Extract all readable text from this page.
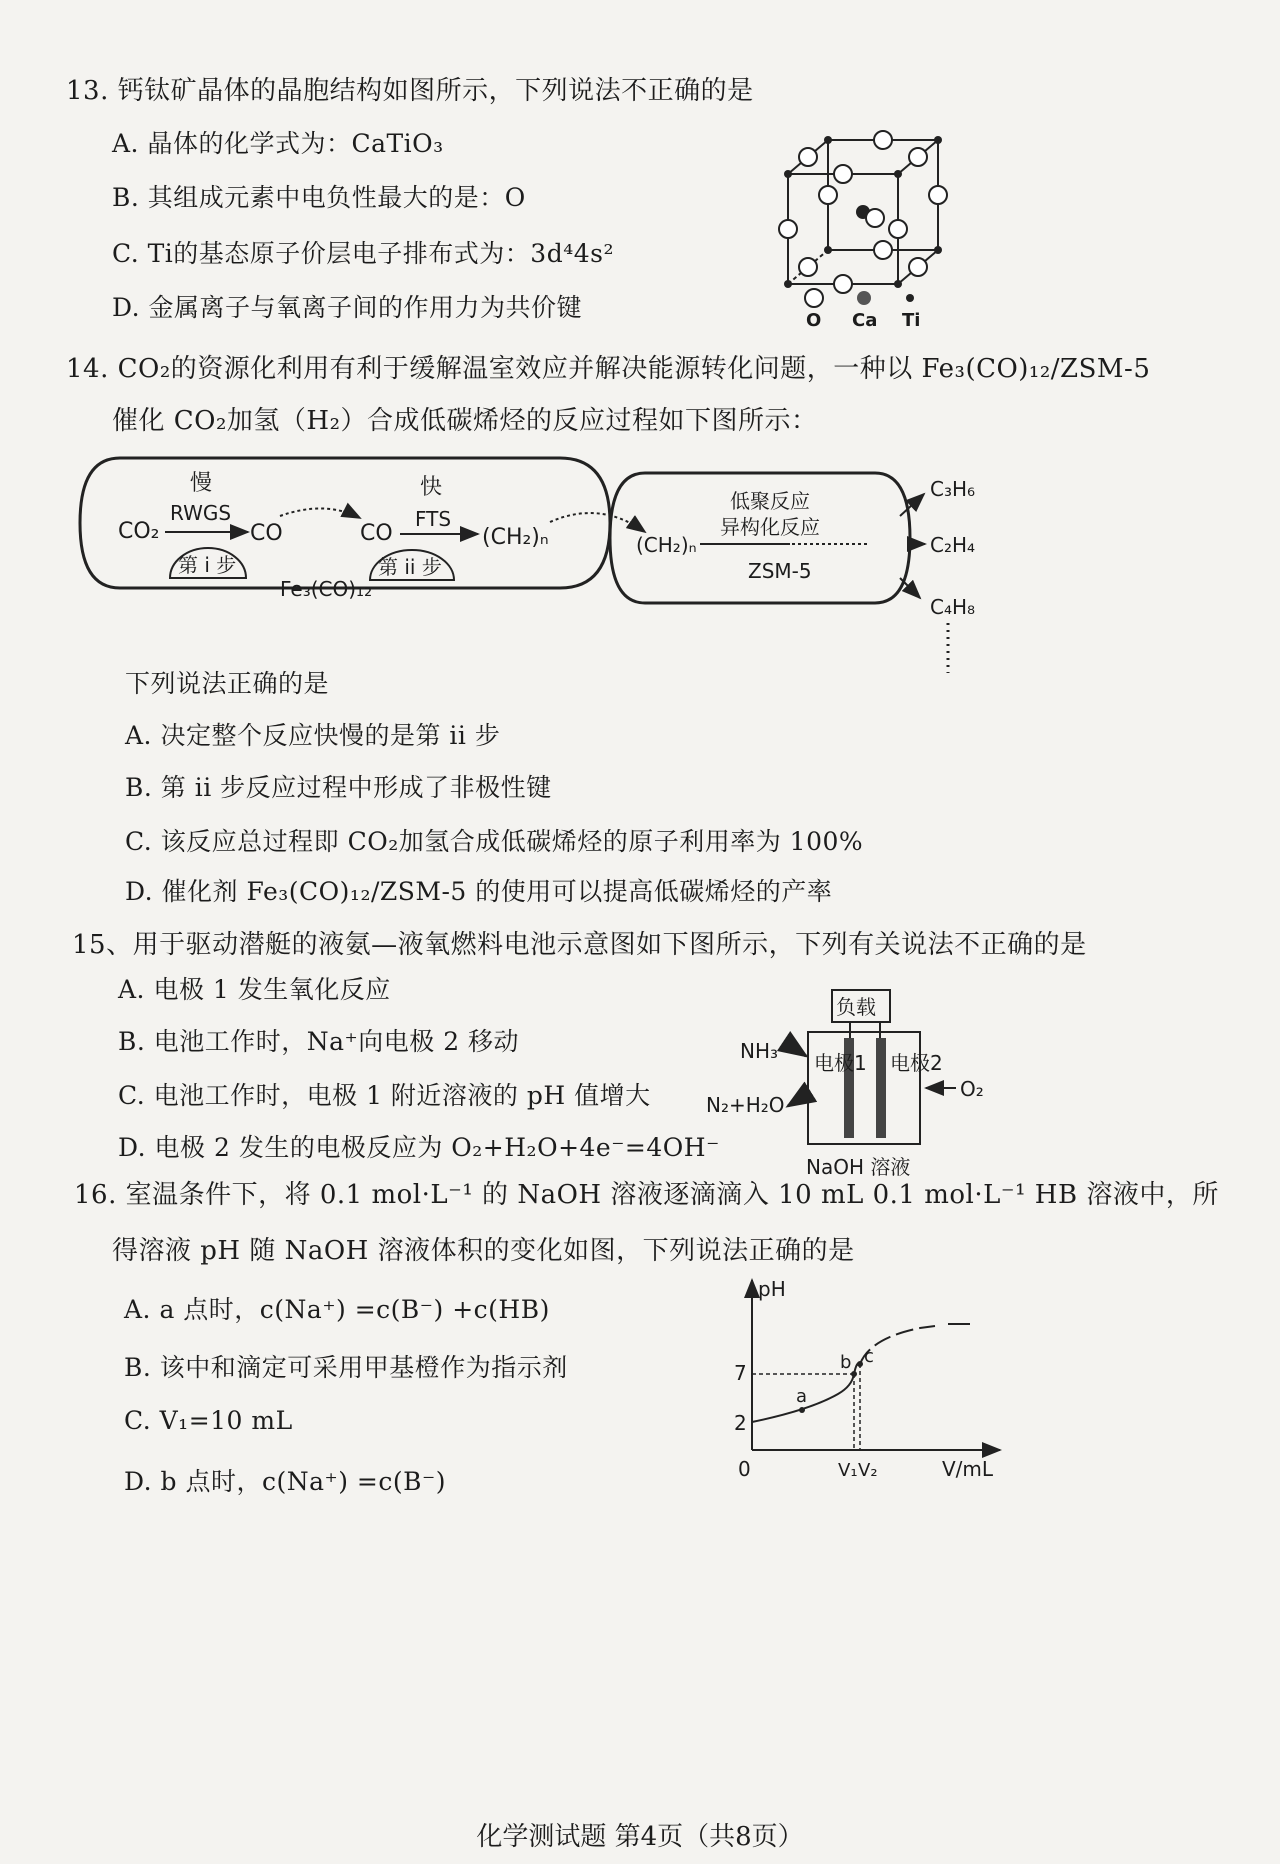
13. 钙钛矿晶体的晶胞结构如图所示，下列说法不正确的是
A. 晶体的化学式为：CaTiO₃
B. 其组成元素中电负性最大的是：O
C. Ti的基态原子价层电子排布式为：3d⁴4s²
D. 金属离子与氧离子间的作用力为共价键	O Ca Ti
14. CO₂的资源化利用有利于缓解温室效应并解决能源转化问题，一种以 Fe₃(CO)₁₂/ZSM-5
催化 CO₂加氢（H₂）合成低碳烯烃的反应过程如下图所示：
慢	快
RWGS	FTS
CO₂	CO	CO	(CH₂)ₙ
第 i 步	第 ii 步
Fe₃(CO)₁₂
(CH₂)ₙ
低聚反应
异构化反应
ZSM-5
C₃H₆
C₂H₄
C₄H₈
下列说法正确的是
A. 决定整个反应快慢的是第 ii 步
B. 第 ii 步反应过程中形成了非极性键
C. 该反应总过程即 CO₂加氢合成低碳烯烃的原子利用率为 100%
D. 催化剂 Fe₃(CO)₁₂/ZSM-5 的使用可以提高低碳烯烃的产率
15、用于驱动潜艇的液氨—液氧燃料电池示意图如下图所示，下列有关说法不正确的是
A. 电极 1 发生氧化反应
B. 电池工作时，Na⁺向电极 2 移动
C. 电池工作时，电极 1 附近溶液的 pH 值增大
D. 电极 2 发生的电极反应为 O₂+H₂O+4e⁻=4OH⁻
负载
电极1 电极2
NH₃
N₂+H₂O
O₂
NaOH 溶液
16. 室温条件下，将 0.1 mol·L⁻¹ 的 NaOH 溶液逐滴滴入 10 mL 0.1 mol·L⁻¹ HB 溶液中，所
得溶液 pH 随 NaOH 溶液体积的变化如图，下列说法正确的是
A. a 点时，c(Na⁺) =c(B⁻) +c(HB)
B. 该中和滴定可采用甲基橙作为指示剂
C. V₁=10 mL
D. b 点时，c(Na⁺) =c(B⁻)
pH
V/mL
0	V₁ V₂
2
7
a
b c
化学测试题 第4页（共8页）
